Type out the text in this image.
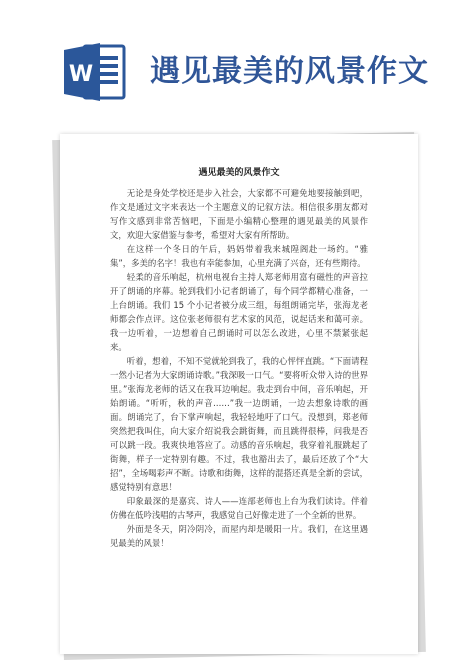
W 遇见最美的风景作文
遇见最美的风景作文

无论是身处学校还是步入社会，大家都不可避免地要接触到吧，作文是通过文字来表达一个主题意义的记叙方法。相信很多朋友都对写作文感到非常苦恼吧，下面是小编精心整理的遇见最美的风景作文，欢迎大家借鉴与参考，希望对大家有所帮助。

在这样一个冬日的午后，妈妈带着我来城隍阁赴一场约。“雅集”，多美的名字！我也有幸能参加，心里充满了兴奋，还有些期待。

轻柔的音乐响起，杭州电视台主持人郑老师用富有磁性的声音拉开了朗诵的序幕。轮到我们小记者朗诵了，每个同学都精心准备，一上台朗诵。我们 15 个小记者被分成三组，每组朗诵完毕，张海龙老师都会作点评。这位张老师很有艺术家的风范，说起话来和蔼可亲。我一边听着，一边想着自己朗诵时可以怎么改进，心里不禁紧张起来。

听着，想着，不知不觉就轮到我了，我的心怦怦直跳。“下面请程一然小记者为大家朗诵诗歌。”我深吸一口气。“要将听众带入诗的世界里。”张海龙老师的话又在我耳边响起。我走到台中间，音乐响起，开始朗诵。“听听，秋的声音……”我一边朗诵，一边去想象诗歌的画面。朗诵完了，台下掌声响起，我轻轻地吁了口气。没想到，郑老师突然把我叫住，向大家介绍说我会跳街舞，而且跳得很棒，问我是否可以跳一段。我爽快地答应了。动感的音乐响起，我穿着礼服跳起了街舞，样子一定特别有趣。不过，我也豁出去了，最后还放了个“大招”，全场喝彩声不断。诗歌和街舞，这样的混搭还真是全新的尝试，感觉特别有意思！

印象最深的是嘉宾、诗人——连部老师也上台为我们读诗。伴着仿佛在低吟浅唱的古琴声，我感觉自己好像走进了一个全新的世界。

外面是冬天，阴冷阴冷，而屋内却是暖阳一片。我们，在这里遇见最美的风景！
